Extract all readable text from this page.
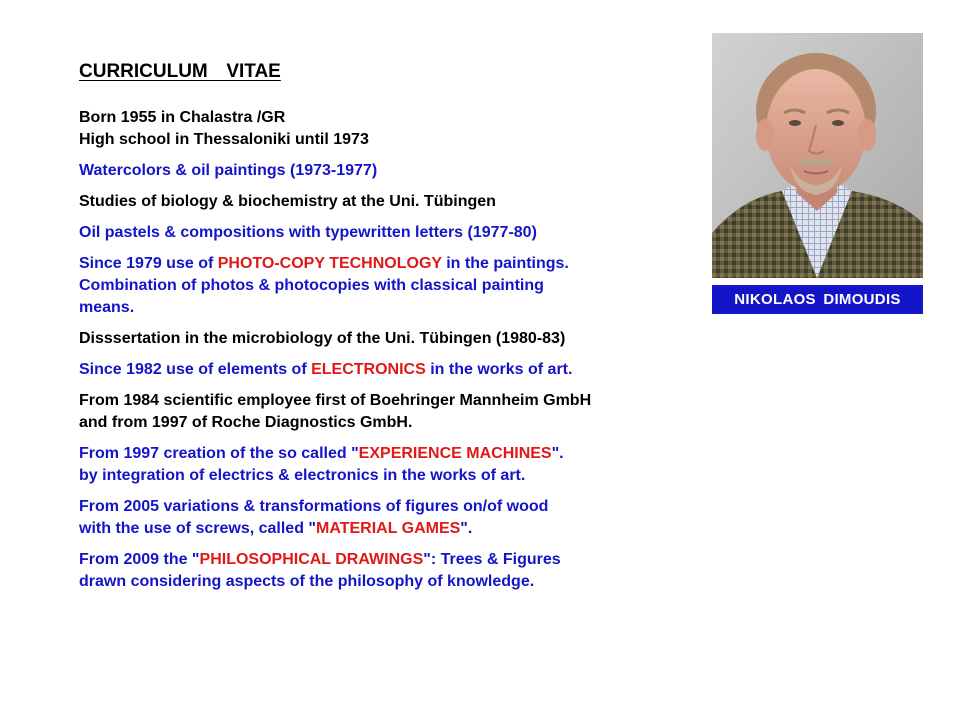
CURRICULUM  VITAE
Born 1955 in Chalastra /GR
High school in Thessaloniki until 1973
Watercolors & oil paintings (1973-1977)
Studies of biology & biochemistry at the Uni. Tübingen
Oil pastels & compositions with typewritten letters (1977-80)
Since 1979 use of PHOTO-COPY TECHNOLOGY in the paintings.
Combination of photos & photocopies with classical painting
means.
Disssertation in the microbiology of the Uni. Tübingen (1980-83)
Since 1982 use of elements of ELECTRONICS in the works of art.
From 1984 scientific employee first of Boehringer Mannheim GmbH
and from 1997 of Roche Diagnostics GmbH.
From 1997 creation of the so called "EXPERIENCE MACHINES".
by integration of electrics & electronics in the works of art.
From 2005 variations & transformations of figures on/of wood
with the use of screws, called "MATERIAL GAMES".
From 2009 the "PHILOSOPHICAL DRAWINGS": Trees & Figures
drawn considering aspects of the philosophy of knowledge.
NIKOLAOS DIMOUDIS
